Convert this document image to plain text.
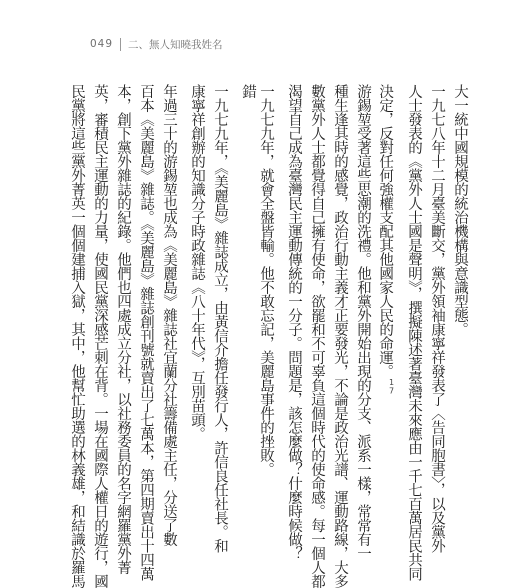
049 二、無人知曉我姓名
大一統中國規模的統治機構與意識型態。
一九七八年十二月臺美斷交，黨外領袖康寧祥發表了〈告同胞書〉，以及黨外
人士發表的《黨外人士國是聲明》，撰擬陳述著臺灣未來應由一千七百萬居民共同
決定，反對任何強權支配其他國家人民的命運。$^{17}$
游錫堃受著這些思潮的洗禮。他和黨外開始出現的分支、派系一樣，常常有一
種生逢其時的感覺，政治行動主義才正要發光，不論是政治光譜、運動路線，大多
數黨外人士都覺得自己擁有使命，欲罷和不可辜負這個時代的使命感。每一個人都
渴望自己成為臺灣民主運動傳統的一分子。問題是，該怎麼做？什麼時候做？
一九七九年，就會全盤皆輸。他不敢忘記，美麗島事件的挫敗。
錯
一九七九年，《美麗島》雜誌成立，由黃信介擔任發行人，許信良任社長。和
康寧祥創辦的知識分子時政雜誌《八十年代》，互別苗頭。
年過三十的游錫堃也成為《美麗島》雜誌社宜蘭分社籌備處主任，分送了數
百本《美麗島》雜誌。《美麗島》雜誌創刊號就賣出了七萬本，第四期賣出十四萬
本，創下黨外雜誌的紀錄。他們也四處成立分社，以社務委員的名字網羅黨外菁
英，審積民主運動的力量，使國民黨深感芒刺在背。一場在國際人權日的遊行，國
民黨將這些黨外菁英一個個建捕入獄，其中，他幫忙助選的林義雄，和結識於羅馬
